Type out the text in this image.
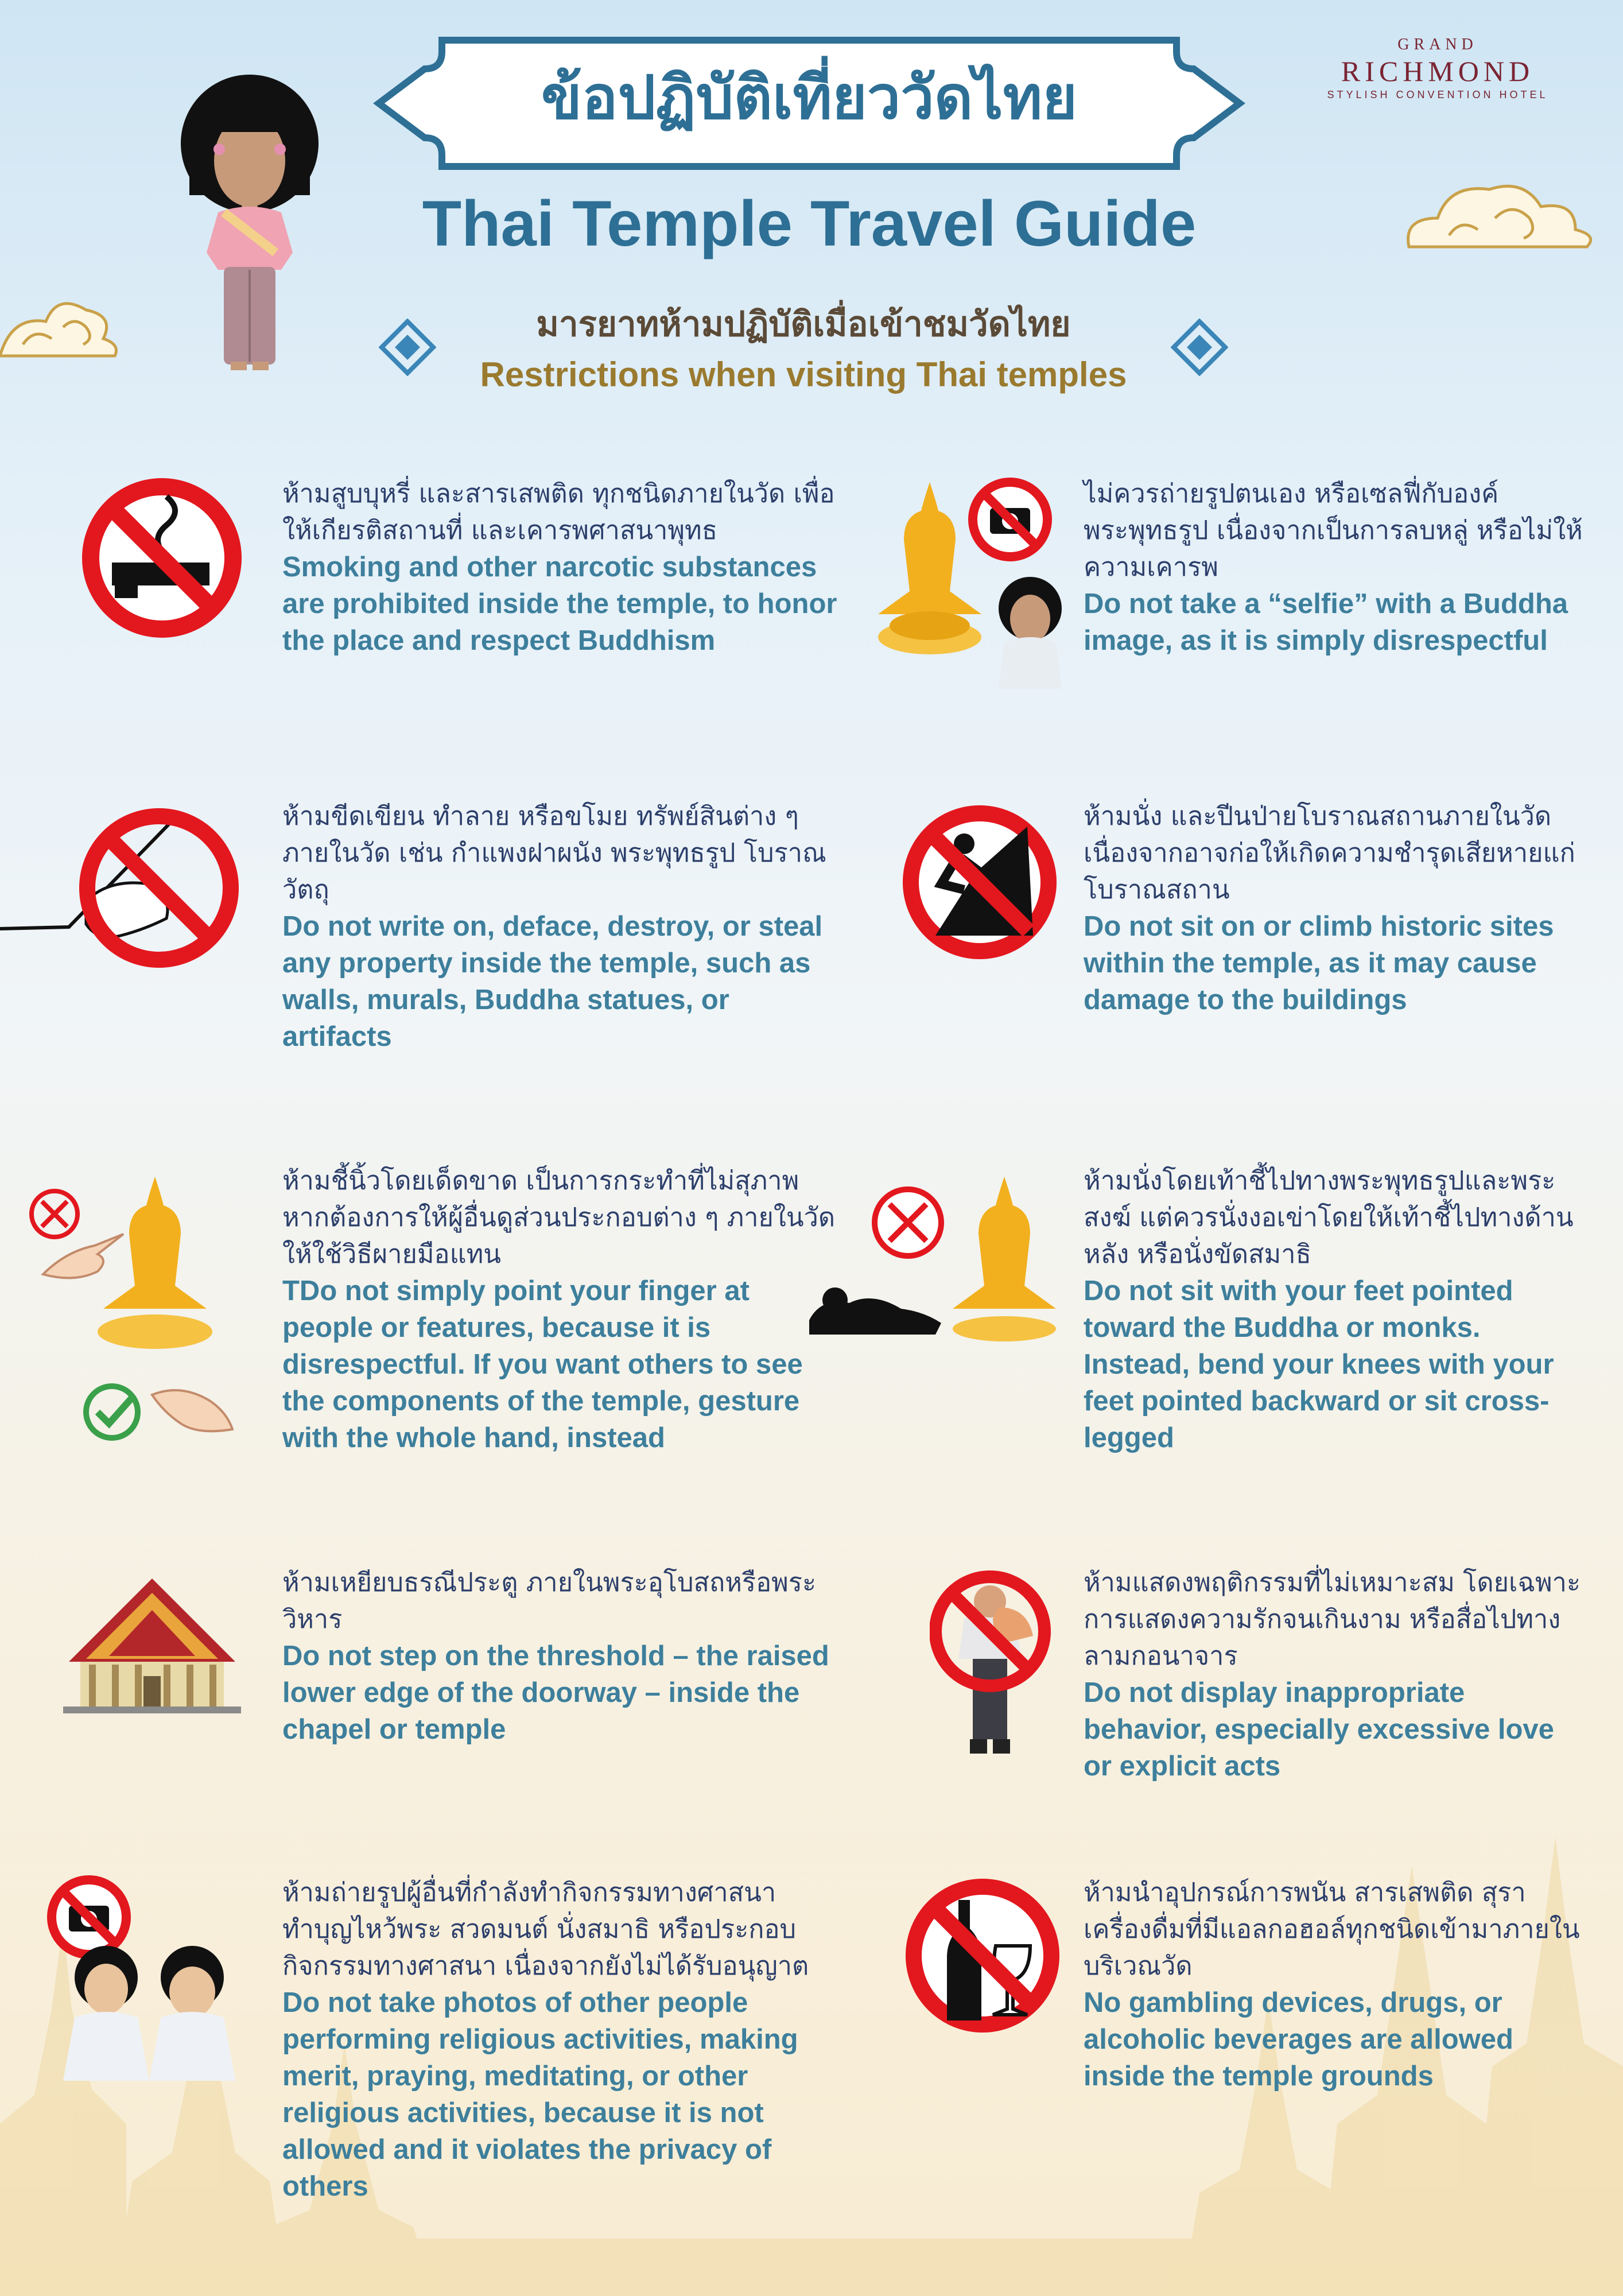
ข้อปฏิบัติเที่ยววัดไทย
Thai Temple Travel Guide
มารยาทห้ามปฏิบัติเมื่อเข้าชมวัดไทย
Restrictions when visiting Thai temples
GRAND
RICHMOND
STYLISH CONVENTION HOTEL
ห้ามสูบบุหรี่ และสารเสพติด ทุกชนิดภายในวัด เพื่อให้เกียรติสถานที่ และเคารพศาสนาพุทธ
Smoking and other narcotic substances are prohibited inside the temple, to honor the place and respect Buddhism
ไม่ควรถ่ายรูปตนเอง หรือเซลฟี่กับองค์พระพุทธรูป เนื่องจากเป็นการลบหลู่ หรือไม่ให้ความเคารพ
Do not take a “selfie” with a Buddha image, as it is simply disrespectful
ห้ามขีดเขียน ทำลาย หรือขโมย ทรัพย์สินต่าง ๆ ภายในวัด เช่น กำแพงฝาผนัง พระพุทธรูป โบราณวัตถุ
Do not write on, deface, destroy, or steal any property inside the temple, such as walls, murals, Buddha statues, or artifacts
ห้ามนั่ง และปีนป่ายโบราณสถานภายในวัด เนื่องจากอาจก่อให้เกิดความชำรุดเสียหายแก่โบราณสถาน
Do not sit on or climb historic sites within the temple, as it may cause damage to the buildings
ห้ามชี้นิ้วโดยเด็ดขาด เป็นการกระทำที่ไม่สุภาพ หากต้องการให้ผู้อื่นดูส่วนประกอบต่าง ๆ ภายในวัดให้ใช้วิธีผายมือแทน
TDo not simply point your finger at people or features, because it is disrespectful. If you want others to see the components of the temple, gesture with the whole hand, instead
ห้ามนั่งโดยเท้าชี้ไปทางพระพุทธรูปและพระสงฆ์ แต่ควรนั่งงอเข่าโดยให้เท้าชี้ไปทางด้านหลัง หรือนั่งขัดสมาธิ
Do not sit with your feet pointed toward the Buddha or monks. Instead, bend your knees with your feet pointed backward or sit cross-legged
ห้ามเหยียบธรณีประตู ภายในพระอุโบสถหรือพระวิหาร
Do not step on the threshold – the raised lower edge of the doorway – inside the chapel or temple
ห้ามแสดงพฤติกรรมที่ไม่เหมาะสม โดยเฉพาะการแสดงความรักจนเกินงาม หรือสื่อไปทางลามกอนาจาร
Do not display inappropriate behavior, especially excessive love or explicit acts
ห้ามถ่ายรูปผู้อื่นที่กำลังทำกิจกรรมทางศาสนา ทำบุญไหว้พระ สวดมนต์ นั่งสมาธิ หรือประกอบกิจกรรมทางศาสนา เนื่องจากยังไม่ได้รับอนุญาต
Do not take photos of other people performing religious activities, making merit, praying, meditating, or other religious activities, because it is not allowed and it violates the privacy of others
ห้ามนำอุปกรณ์การพนัน สารเสพติด สุรา เครื่องดื่มที่มีแอลกอฮอล์ทุกชนิดเข้ามาภายในบริเวณวัด
No gambling devices, drugs, or alcoholic beverages are allowed inside the temple grounds
